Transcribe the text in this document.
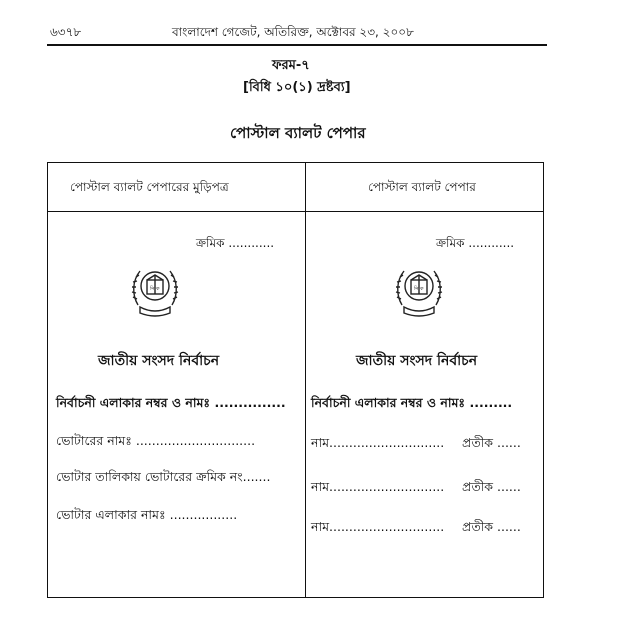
৬৩৭৮	বাংলাদেশ গেজেট, অতিরিক্ত, অক্টোবর ২৩, ২০০৮
ফরম-৭
[বিধি ১০(১) দ্রষ্টব্য]
পোস্টাল ব্যালট পেপার
পোস্টাল ব্যালট পেপারের মুড়িপত্র	পোস্টাল ব্যালট পেপার
ক্রমিক ............
নি ক
জাতীয় সংসদ নির্বাচন
নির্বাচনী এলাকার নম্বর ও নামঃ ...............
ভোটারের নামঃ ..............................
ভোটার তালিকায় ভোটারের ক্রমিক নং.......
ভোটার এলাকার নামঃ .................
ক্রমিক ............
নি ক
জাতীয় সংসদ নির্বাচন
নির্বাচনী এলাকার নম্বর ও নামঃ .........
নাম............................. প্রতীক ......
নাম............................. প্রতীক ......
নাম............................. প্রতীক ......
